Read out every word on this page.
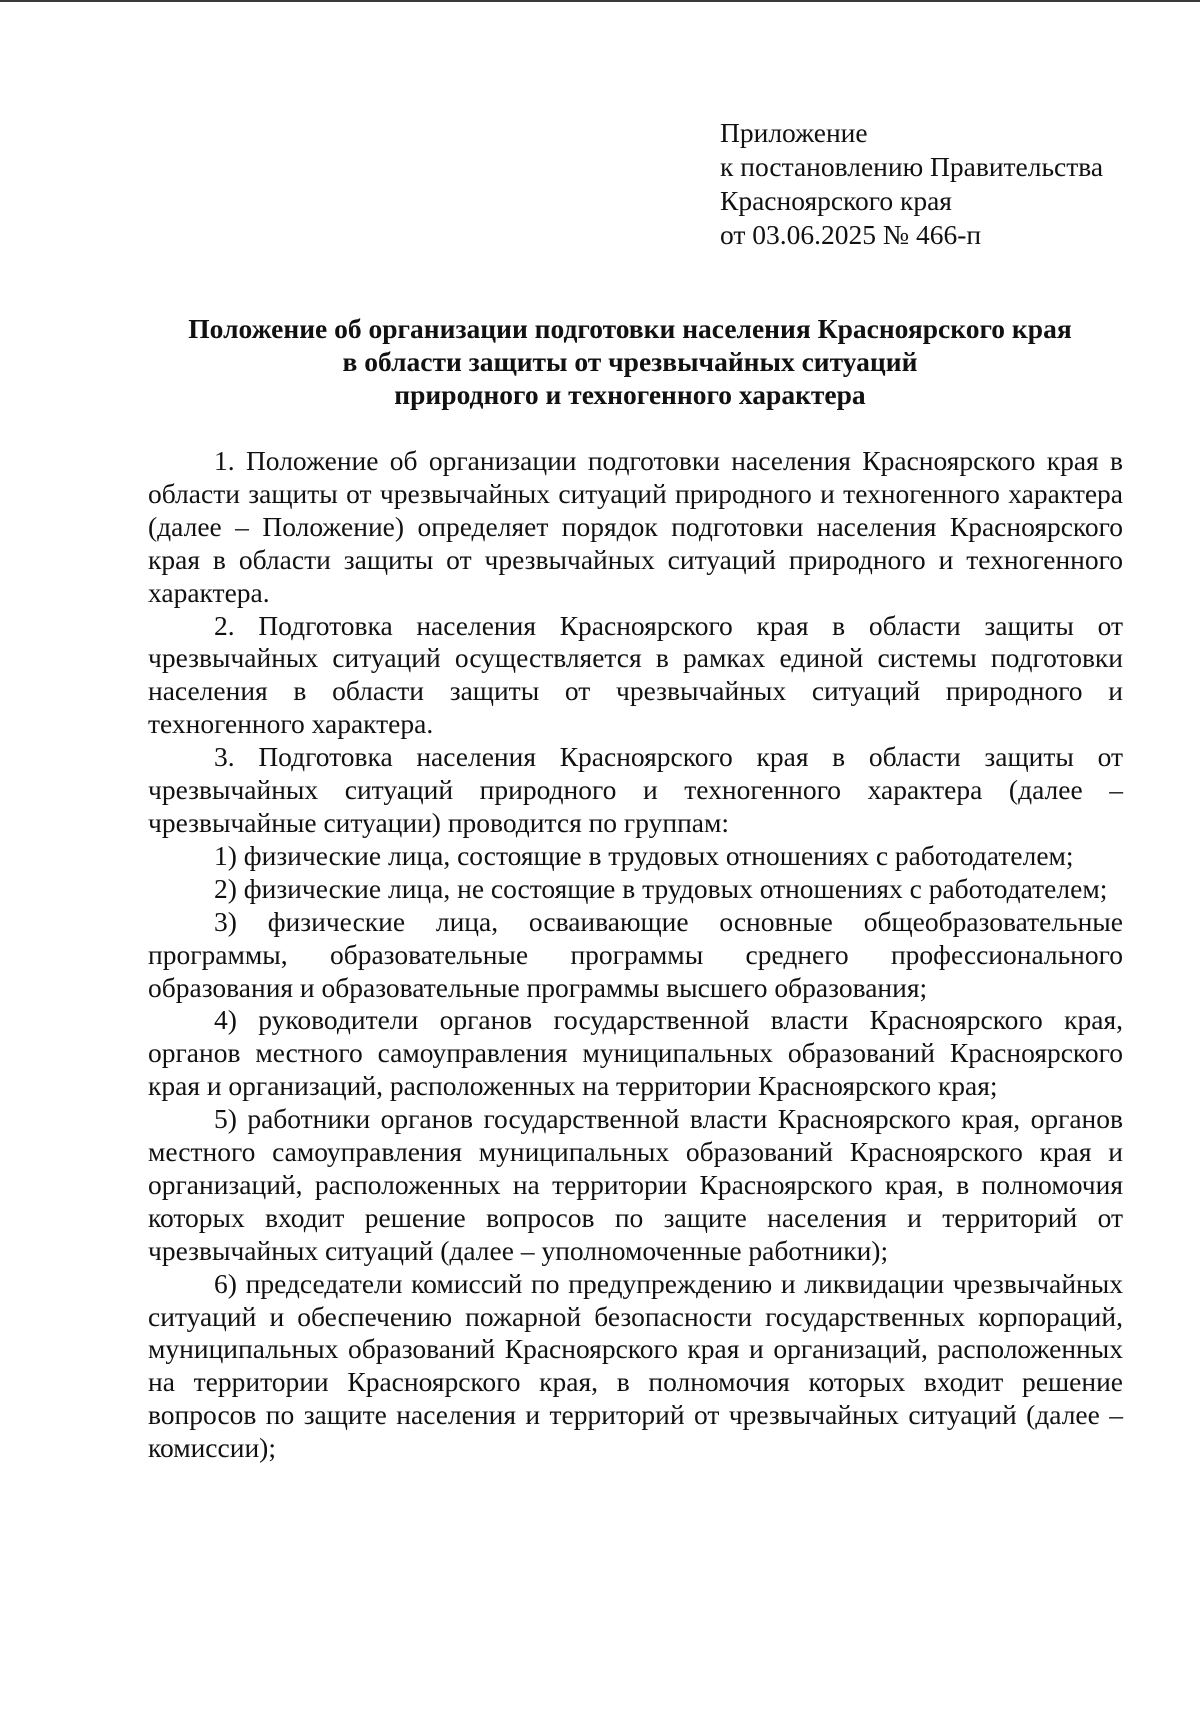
Приложение
к постановлению Правительства
Красноярского края
от 03.06.2025 № 466-п
Положение об организации подготовки населения Красноярского края
в области защиты от чрезвычайных ситуаций
природного и техногенного характера

1. Положение об организации подготовки населения Красноярского края в области защиты от чрезвычайных ситуаций природного и техногенного характера (далее – Положение) определяет порядок подготовки населения Красноярского края в области защиты от чрезвычайных ситуаций природного и техногенного характера.

2. Подготовка населения Красноярского края в области защиты от чрезвычайных ситуаций осуществляется в рамках единой системы подготовки населения в области защиты от чрезвычайных ситуаций природного и техногенного характера.

3. Подготовка населения Красноярского края в области защиты от чрезвычайных ситуаций природного и техногенного характера (далее – чрезвычайные ситуации) проводится по группам:

1) физические лица, состоящие в трудовых отношениях с работодателем;

2) физические лица, не состоящие в трудовых отношениях с работодателем;

3) физические лица, осваивающие основные общеобразовательные программы, образовательные программы среднего профессионального образования и образовательные программы высшего образования;

4) руководители органов государственной власти Красноярского края, органов местного самоуправления муниципальных образований Красноярского края и организаций, расположенных на территории Красноярского края;

5) работники органов государственной власти Красноярского края, органов местного самоуправления муниципальных образований Красноярского края и организаций, расположенных на территории Красноярского края, в полномочия которых входит решение вопросов по защите населения и территорий от чрезвычайных ситуаций (далее – уполномоченные работники);

6) председатели комиссий по предупреждению и ликвидации чрезвычайных ситуаций и обеспечению пожарной безопасности государственных корпораций, муниципальных образований Красноярского края и организаций, расположенных на территории Красноярского края, в полномочия которых входит решение вопросов по защите населения и территорий от чрезвычайных ситуаций (далее – комиссии);
